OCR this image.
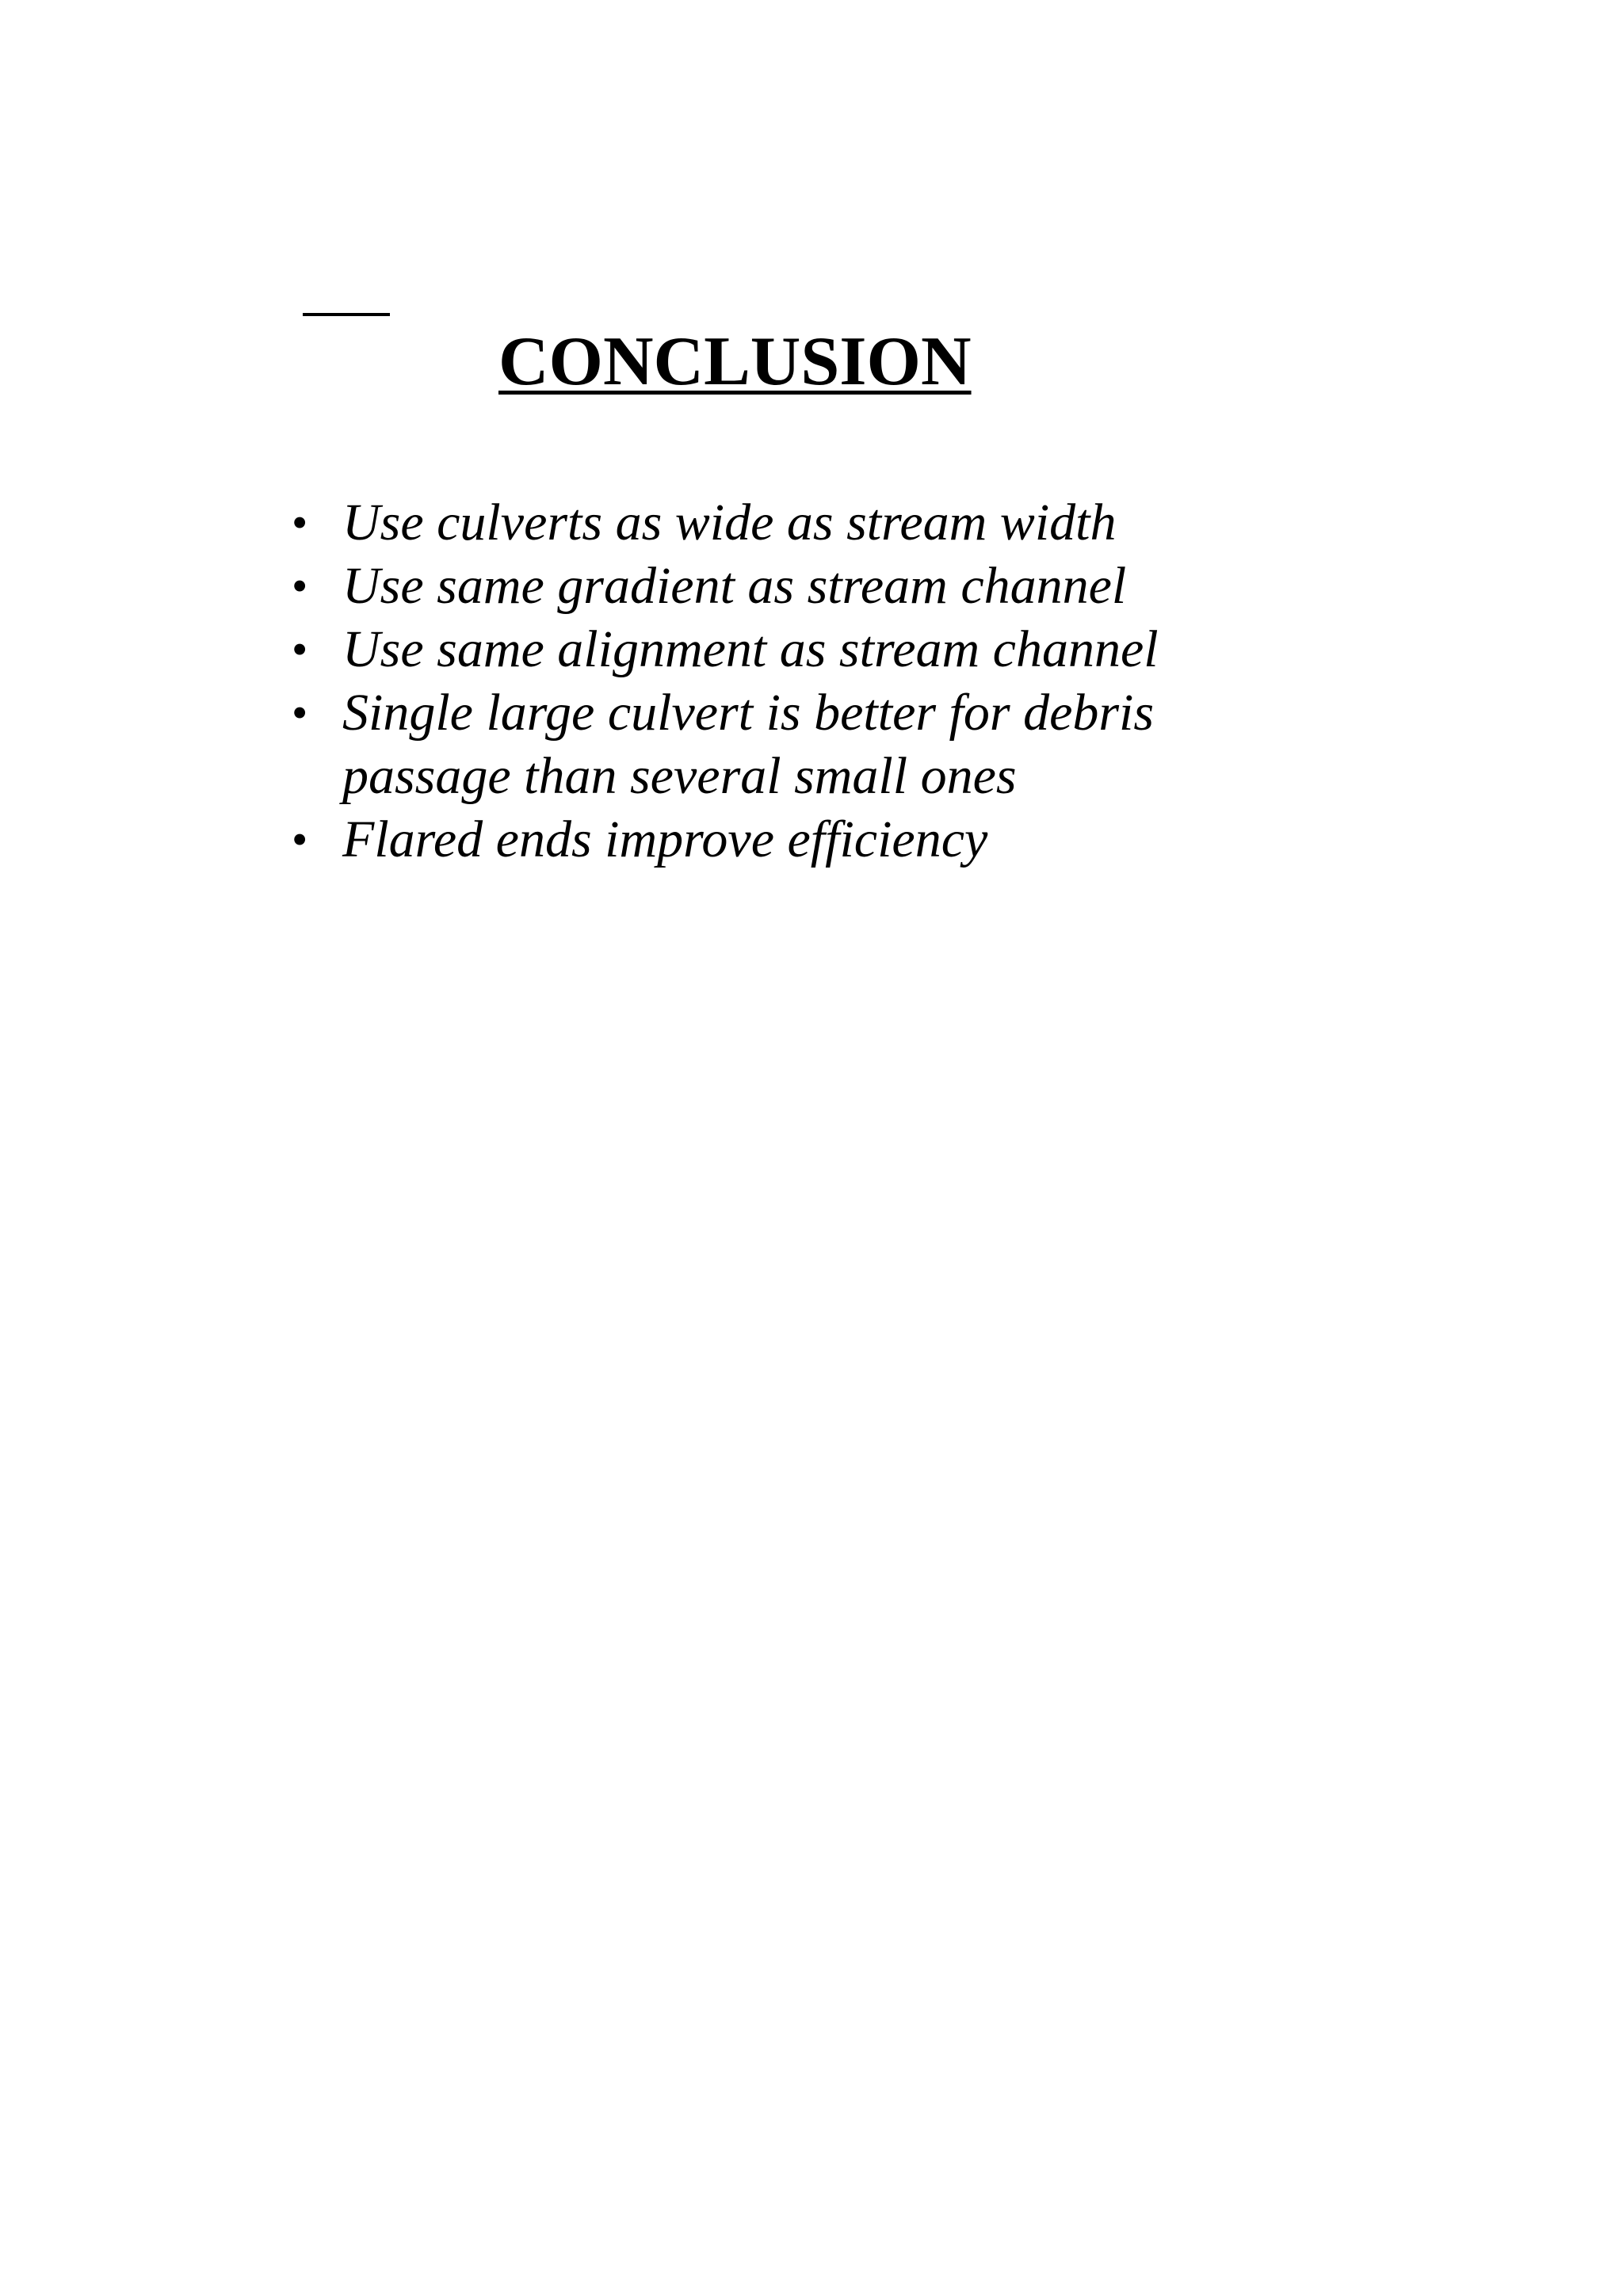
CONCLUSION
• Use culverts as wide as stream width
• Use same gradient as stream channel
• Use same alignment as stream channel
• Single large culvert is better for debris passage than several small ones
• Flared ends improve efficiency
